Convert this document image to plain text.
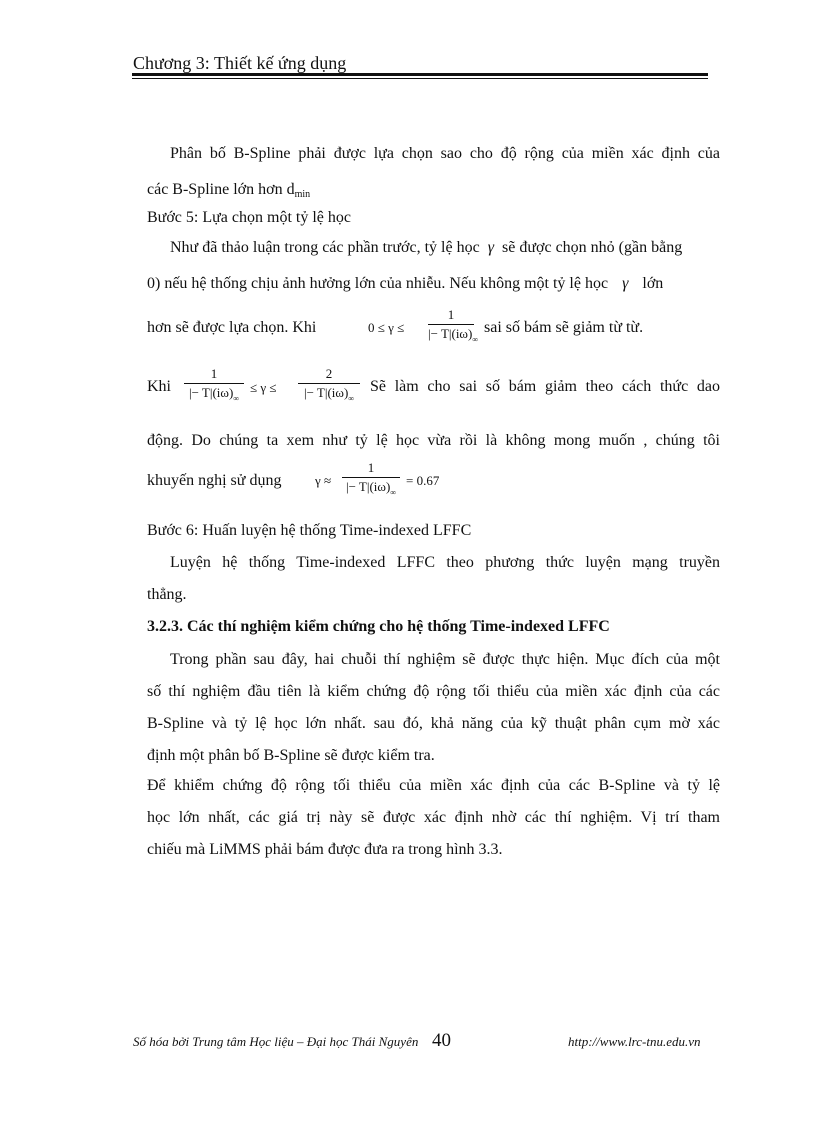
Chương 3: Thiết kế ứng dụng
Phân bố B-Spline phải được lựa chọn sao cho độ rộng của miền xác định của
các B-Spline lớn hơn $d_{min}$
Bước 5: Lựa chọn một tỷ lệ học
Như đã thảo luận trong các phần trước, tỷ lệ học γ sẽ được chọn nhỏ (gần bằng
0) nếu hệ thống chịu ảnh hưởng lớn của nhiễu. Nếu không một tỷ lệ học γ lớn
hơn sẽ được lựa chọn. Khi	0 ≤ γ ≤
1
|− $T|(i\omega)_\infty$
sai số bám sẽ giảm từ từ.
Khi
1
|− $T|(i\omega)_\infty$
≤ γ ≤
2
|− $T|(i\omega)_\infty$
Sẽ làm cho sai số bám giảm theo cách thức dao
động. Do chúng ta xem như tỷ lệ học vừa rồi là không mong muốn , chúng tôi
khuyến nghị sử dụng	γ ≈
1
|− $T|(i\omega)_\infty$
= 0.67
Bước 6: Huấn luyện hệ thống Time-indexed LFFC
Luyện hệ thống Time-indexed LFFC theo phương thức luyện mạng truyền
thẳng.
3.2.3. Các thí nghiệm kiểm chứng cho hệ thống Time-indexed LFFC
Trong phần sau đây, hai chuỗi thí nghiệm sẽ được thực hiện. Mục đích của một
số thí nghiệm đầu tiên là kiểm chứng độ rộng tối thiểu của miền xác định của các
B-Spline và tỷ lệ học lớn nhất. sau đó, khả năng của kỹ thuật phân cụm mờ xác
định một phân bố B-Spline sẽ được kiểm tra.
Để khiểm chứng độ rộng tối thiểu của miền xác định của các B-Spline và tỷ lệ
học lớn nhất, các giá trị này sẽ được xác định nhờ các thí nghiệm. Vị trí tham
chiếu mà LiMMS phải bám được đưa ra trong hình 3.3.
Số hóa bởi Trung tâm Học liệu – Đại học Thái Nguyên 40	http://www.lrc-tnu.edu.vn
